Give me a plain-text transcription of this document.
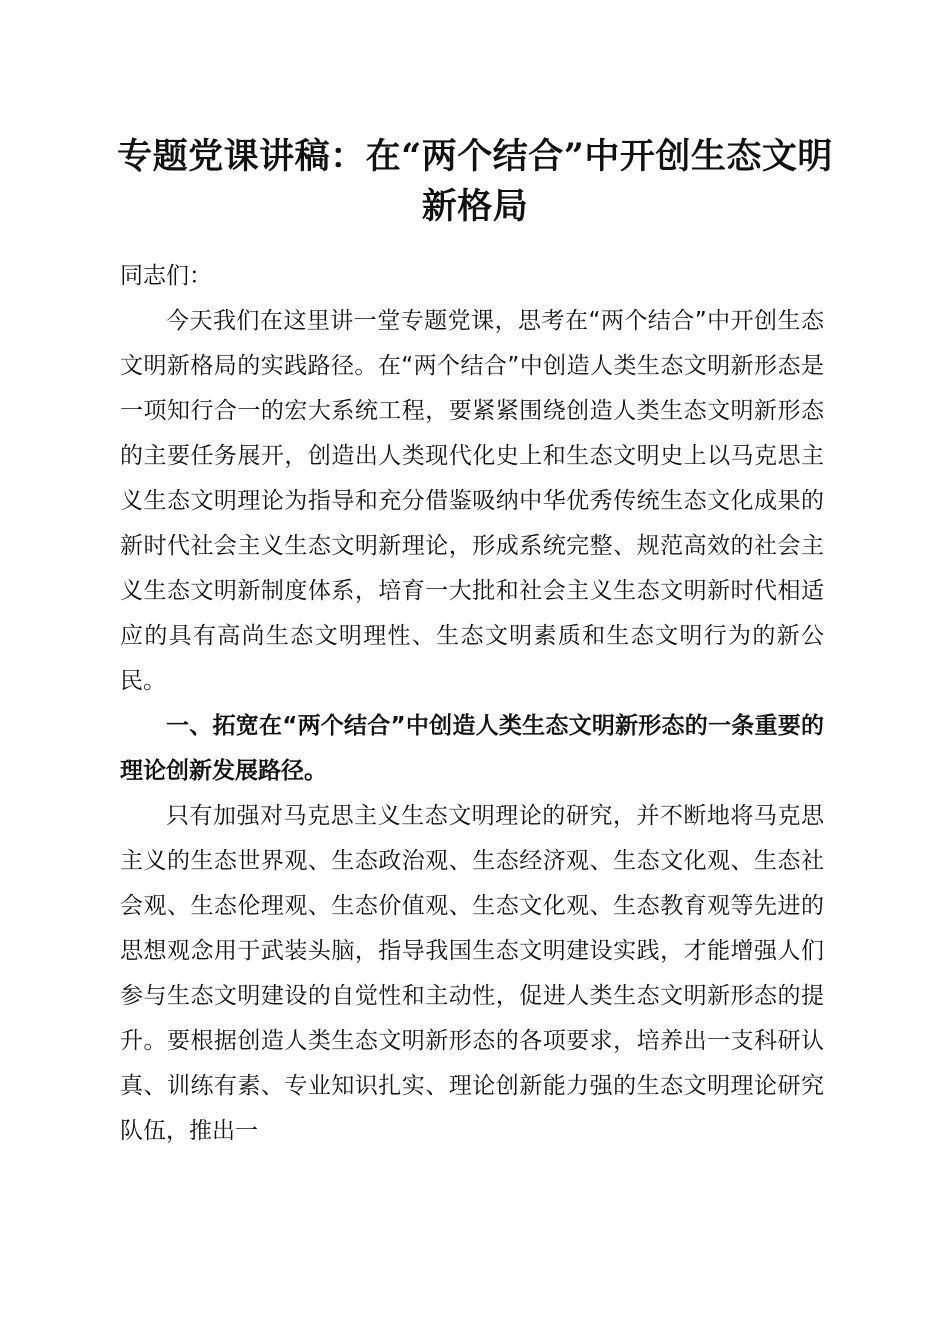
专题党课讲稿：在“两个结合”中开创生态文明新格局

同志们：

今天我们在这里讲一堂专题党课，思考在“两个结合”中开创生态文明新格局的实践路径。在“两个结合”中创造人类生态文明新形态是一项知行合一的宏大系统工程，要紧紧围绕创造人类生态文明新形态的主要任务展开，创造出人类现代化史上和生态文明史上以马克思主义生态文明理论为指导和充分借鉴吸纳中华优秀传统生态文化成果的新时代社会主义生态文明新理论，形成系统完整、规范高效的社会主义生态文明新制度体系，培育一大批和社会主义生态文明新时代相适应的具有高尚生态文明理性、生态文明素质和生态文明行为的新公民。

一、拓宽在“两个结合”中创造人类生态文明新形态的一条重要的理论创新发展路径。

只有加强对马克思主义生态文明理论的研究，并不断地将马克思主义的生态世界观、生态政治观、生态经济观、生态文化观、生态社会观、生态伦理观、生态价值观、生态文化观、生态教育观等先进的思想观念用于武装头脑，指导我国生态文明建设实践，才能增强人们参与生态文明建设的自觉性和主动性，促进人类生态文明新形态的提升。要根据创造人类生态文明新形态的各项要求，培养出一支科研认真、训练有素、专业知识扎实、理论创新能力强的生态文明理论研究队伍，推出一
